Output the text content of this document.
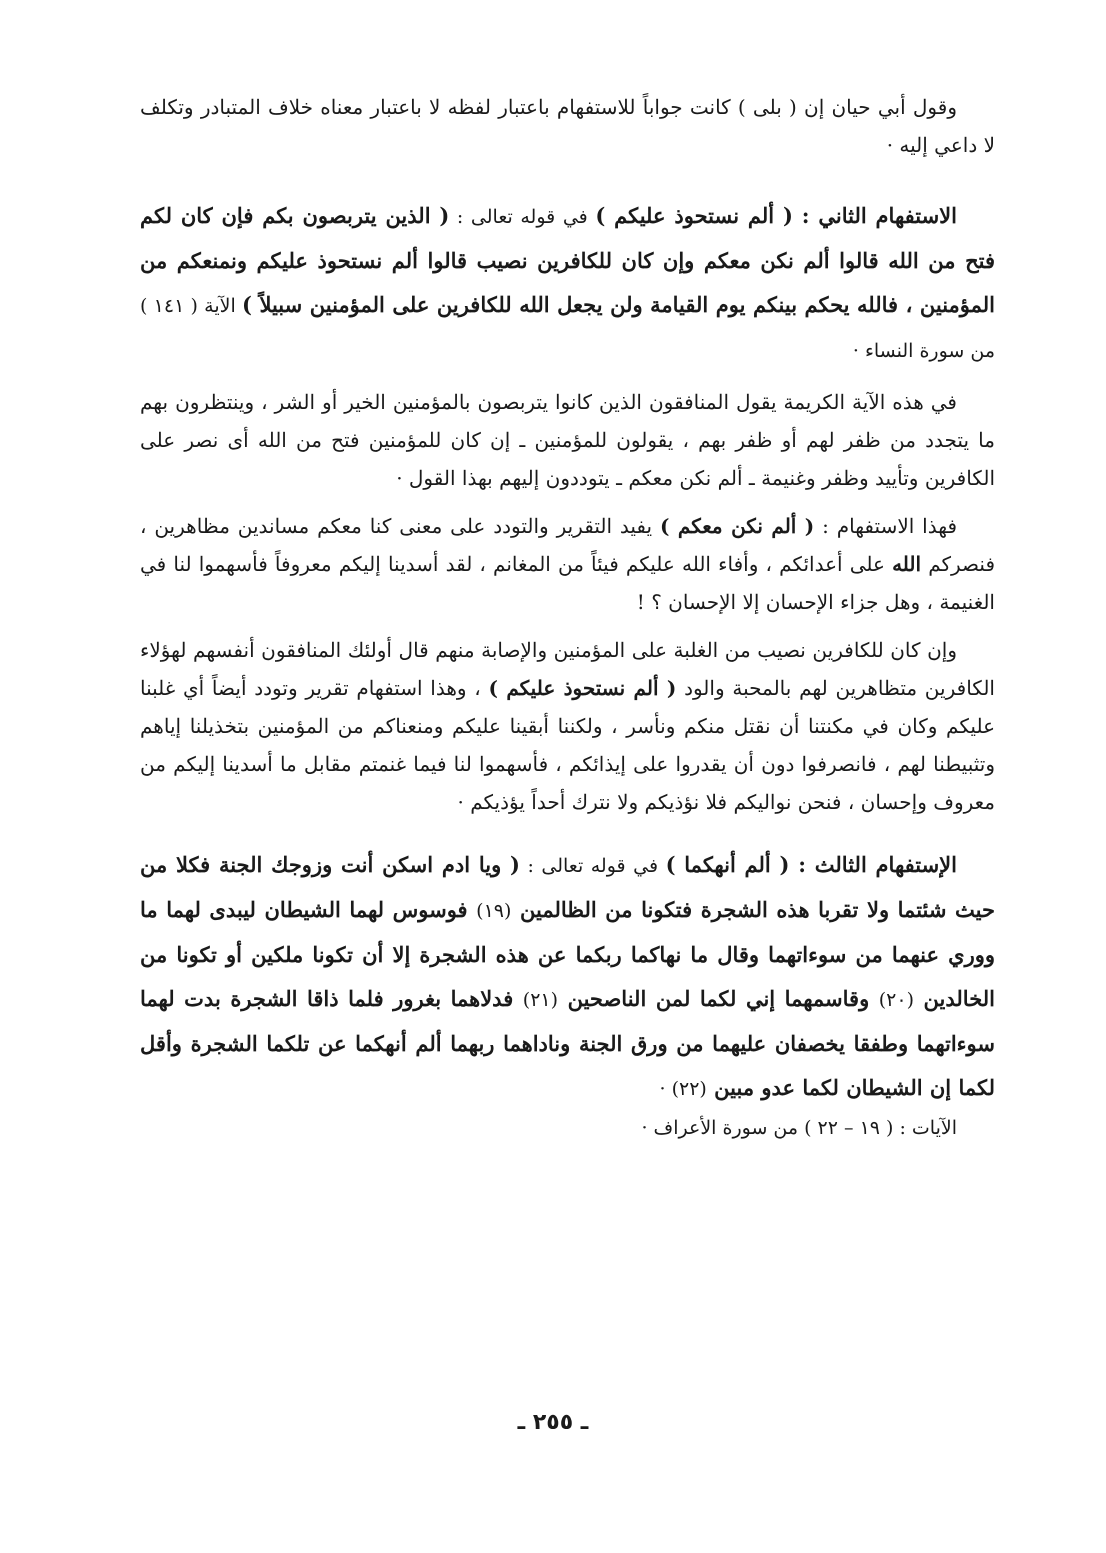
وقول أبي حيان إن ( بلى ) كانت جواباً للاستفهام باعتبار لفظه لا باعتبار معناه خلاف المتبادر وتكلف لا داعي إليه ·

الاستفهام الثاني : ( ألم نستحوذ عليكم ) في قوله تعالى : ( الذين يتربصون بكم فإن كان لكم فتح من الله قالوا ألم نكن معكم وإن كان للكافرين نصيب قالوا ألم نستحوذ عليكم ونمنعكم من المؤمنين ، فالله يحكم بينكم يوم القيامة ولن يجعل الله للكافرين على المؤمنين سبيلاً ) الآية ( ١٤١ ) من سورة النساء ·

في هذه الآية الكريمة يقول المنافقون الذين كانوا يتربصون بالمؤمنين الخير أو الشر ، وينتظرون بهم ما يتجدد من ظفر لهم أو ظفر بهم ، يقولون للمؤمنين ـ إن كان للمؤمنين فتح من الله أى نصر على الكافرين وتأييد وظفر وغنيمة ـ ألم نكن معكم ـ يتوددون إليهم بهذا القول ·

فهذا الاستفهام : ( ألم نكن معكم ) يفيد التقرير والتودد على معنى كنا معكم مساندين مظاهرين ، فنصركم الله على أعدائكم ، وأفاء الله عليكم فيئاً من المغانم ، لقد أسدينا إليكم معروفاً فأسهموا لنا في الغنيمة ، وهل جزاء الإحسان إلا الإحسان ؟ !

وإن كان للكافرين نصيب من الغلبة على المؤمنين والإصابة منهم قال أولئك المنافقون أنفسهم لهؤلاء الكافرين متظاهرين لهم بالمحبة والود ( ألم نستحوذ عليكم ) ، وهذا استفهام تقرير وتودد أيضاً أي غلبنا عليكم وكان في مكنتنا أن نقتل منكم ونأسر ، ولكننا أبقينا عليكم ومنعناكم من المؤمنين بتخذيلنا إياهم وتثبيطنا لهم ، فانصرفوا دون أن يقدروا على إيذائكم ، فأسهموا لنا فيما غنمتم مقابل ما أسدينا إليكم من معروف وإحسان ، فنحن نواليكم فلا نؤذيكم ولا نترك أحداً يؤذيكم ·

الإستفهام الثالث : ( ألم أنهكما ) في قوله تعالى : ( ويا ادم اسكن أنت وزوجك الجنة فكلا من حيث شئتما ولا تقربا هذه الشجرة فتكونا من الظالمين (١٩) فوسوس لهما الشيطان ليبدى لهما ما ووري عنهما من سوءاتهما وقال ما نهاكما ربكما عن هذه الشجرة إلا أن تكونا ملكين أو تكونا من الخالدين (٢٠) وقاسمهما إني لكما لمن الناصحين (٢١) فدلاهما بغرور فلما ذاقا الشجرة بدت لهما سوءاتهما وطفقا يخصفان عليهما من ورق الجنة وناداهما ربهما ألم أنهكما عن تلكما الشجرة وأقل لكما إن الشيطان لكما عدو مبين (٢٢) ·

الآيات : ( ١٩ – ٢٢ ) من سورة الأعراف ·

ـ ٢٥٥ ـ
